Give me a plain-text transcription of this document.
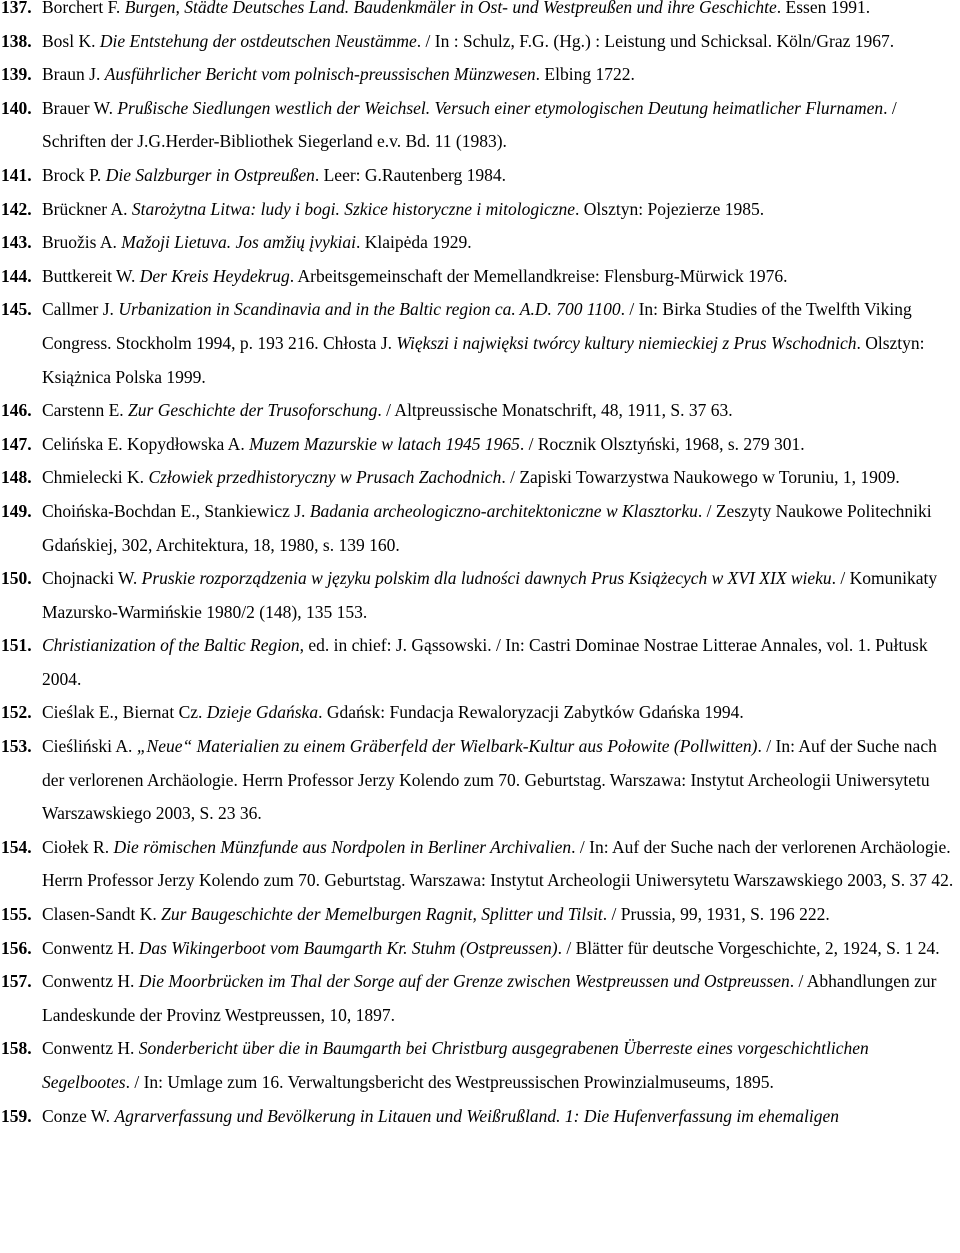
137. Borchert F. Burgen, Städte Deutsches Land. Baudenkmäler in Ost- und Westpreußen und ihre Geschichte. Essen 1991.
138. Bosl K. Die Entstehung der ostdeutschen Neustämme. / In : Schulz, F.G. (Hg.) : Leistung und Schicksal. Köln/Graz 1967.
139. Braun J. Ausführlicher Bericht vom polnisch-preussischen Münzwesen. Elbing 1722.
140. Brauer W. Prußische Siedlungen westlich der Weichsel. Versuch einer etymologischen Deutung heimatlicher Flurnamen. / Schriften der J.G.Herder-Bibliothek Siegerland e.v. Bd. 11 (1983).
141. Brock P. Die Salzburger in Ostpreußen. Leer: G.Rautenberg 1984.
142. Brückner A. Starożytna Litwa: ludy i bogi. Szkice historyczne i mitologiczne. Olsztyn: Pojezierze 1985.
143. Bruožis A. Mažoji Lietuva. Jos amžių įvykiai. Klaipėda 1929.
144. Buttkereit W. Der Kreis Heydekrug. Arbeitsgemeinschaft der Memellandkreise: Flensburg-Mürwick 1976.
145. Callmer J. Urbanization in Scandinavia and in the Baltic region ca. A.D. 700 1100. / In: Birka Studies of the Twelfth Viking Congress. Stockholm 1994, p. 193 216. Chłosta J. Większi i najwięksi twórcy kultury niemieckiej z Prus Wschodnich. Olsztyn: Książnica Polska 1999.
146. Carstenn E. Zur Geschichte der Trusoforschung. / Altpreussische Monatschrift, 48, 1911, S. 37 63.
147. Celińska E. Kopydłowska A. Muzem Mazurskie w latach 1945 1965. / Rocznik Olsztyński, 1968, s. 279 301.
148. Chmielecki K. Człowiek przedhistoryczny w Prusach Zachodnich. / Zapiski Towarzystwa Naukowego w Toruniu, 1, 1909.
149. Choińska-Bochdan E., Stankiewicz J. Badania archeologiczno-architektoniczne w Klasztorku. / Zeszyty Naukowe Politechniki Gdańskiej, 302, Architektura, 18, 1980, s. 139 160.
150. Chojnacki W. Pruskie rozporządzenia w języku polskim dla ludności dawnych Prus Książecych w XVI XIX wieku. / Komunikaty Mazursko-Warmińskie 1980/2 (148), 135 153.
151. Christianization of the Baltic Region, ed. in chief: J. Gąssowski. / In: Castri Dominae Nostrae Litterae Annales, vol. 1. Pułtusk 2004.
152. Cieślak E., Biernat Cz. Dzieje Gdańska. Gdańsk: Fundacja Rewaloryzacji Zabytków Gdańska 1994.
153. Cieśliński A. „Neue“ Materialien zu einem Gräberfeld der Wielbark-Kultur aus Połowite (Pollwitten). / In: Auf der Suche nach der verlorenen Archäologie. Herrn Professor Jerzy Kolendo zum 70. Geburtstag. Warszawa: Instytut Archeologii Uniwersytetu Warszawskiego 2003, S. 23 36.
154. Ciołek R. Die römischen Münzfunde aus Nordpolen in Berliner Archivalien. / In: Auf der Suche nach der verlorenen Archäologie. Herrn Professor Jerzy Kolendo zum 70. Geburtstag. Warszawa: Instytut Archeologii Uniwersytetu Warszawskiego 2003, S. 37 42.
155. Clasen-Sandt K. Zur Baugeschichte der Memelburgen Ragnit, Splitter und Tilsit. / Prussia, 99, 1931, S. 196 222.
156. Conwentz H. Das Wikingerboot vom Baumgarth Kr. Stuhm (Ostpreussen). / Blätter für deutsche Vorgeschichte, 2, 1924, S. 1 24.
157. Conwentz H. Die Moorbrücken im Thal der Sorge auf der Grenze zwischen Westpreussen und Ostpreussen. / Abhandlungen zur Landeskunde der Provinz Westpreussen, 10, 1897.
158. Conwentz H. Sonderbericht über die in Baumgarth bei Christburg ausgegrabenen Überreste eines vorgeschichtlichen Segelbootes. / In: Umlage zum 16. Verwaltungsbericht des Westpreussischen Prowinzialmuseums, 1895.
159. Conze W. Agrarverfassung und Bevölkerung in Litauen und Weißrußland. 1: Die Hufenverfassung im ehemaligen
